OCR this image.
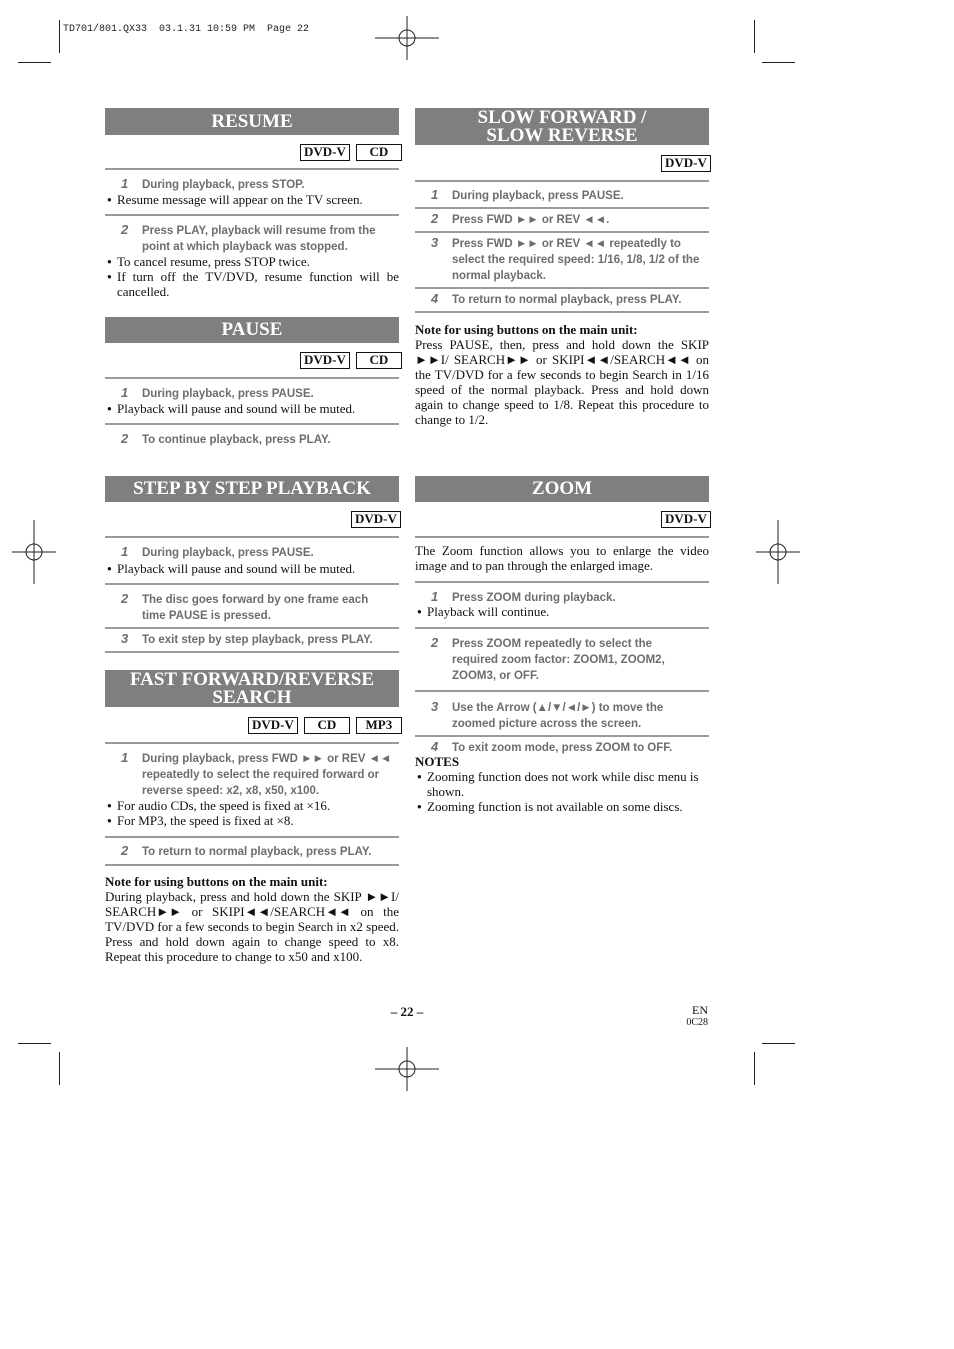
TD701/801.QX33  03.1.31 10:59 PM  Page 22
RESUME
DVD-V	CD
1 During playback, press STOP.
● Resume message will appear on the TV screen.
2 Press PLAY, playback will resume from the point at which playback was stopped.
● To cancel resume, press STOP twice.
● If turn off the TV/DVD, resume function will be cancelled.
PAUSE
DVD-V	CD
1 During playback, press PAUSE.
● Playback will pause and sound will be muted.
2 To continue playback, press PLAY.
SLOW FORWARD /
SLOW REVERSE
DVD-V
1 During playback, press PAUSE.
2 Press FWD ►► or REV ◄◄.
3 Press FWD ►► or REV ◄◄ repeatedly to select the required speed: 1/16, 1/8, 1/2 of the normal playback.
4 To return to normal playback, press PLAY.
Note for using buttons on the main unit:
Press PAUSE, then, press and hold down the SKIP ►►I/ SEARCH►► or SKIPI◄◄/SEARCH◄◄ on the TV/DVD for a few seconds to begin Search in 1/16 speed of the normal playback. Press and hold down again to change speed to 1/8. Repeat this procedure to change to 1/2.
STEP BY STEP PLAYBACK
DVD-V
1 During playback, press PAUSE.
● Playback will pause and sound will be muted.
2 The disc goes forward by one frame each time PAUSE is pressed.
3 To exit step by step playback, press PLAY.
FAST FORWARD/REVERSE
SEARCH
DVD-V	CD	MP3
1 During playback, press FWD ►► or REV ◄◄ repeatedly to select the required forward or reverse speed: x2, x8, x50, x100.
● For audio CDs, the speed is fixed at ×16.
● For MP3, the speed is fixed at ×8.
2 To return to normal playback, press PLAY.
Note for using buttons on the main unit:
During playback, press and hold down the SKIP ►►I/ SEARCH►► or SKIPI◄◄/SEARCH◄◄ on the TV/DVD for a few seconds to begin Search in x2 speed. Press and hold down again to change speed to x8. Repeat this procedure to change to x50 and x100.
ZOOM
DVD-V
The Zoom function allows you to enlarge the video image and to pan through the enlarged image.
1 Press ZOOM during playback.
● Playback will continue.
2 Press ZOOM repeatedly to select the required zoom factor: ZOOM1, ZOOM2, ZOOM3, or OFF.
3 Use the Arrow (▲/▼/◄/►) to move the zoomed picture across the screen.
4 To exit zoom mode, press ZOOM to OFF.
NOTES
● Zooming function does not work while disc menu is shown.
● Zooming function is not available on some discs.
– 22 –	EN
0C28
